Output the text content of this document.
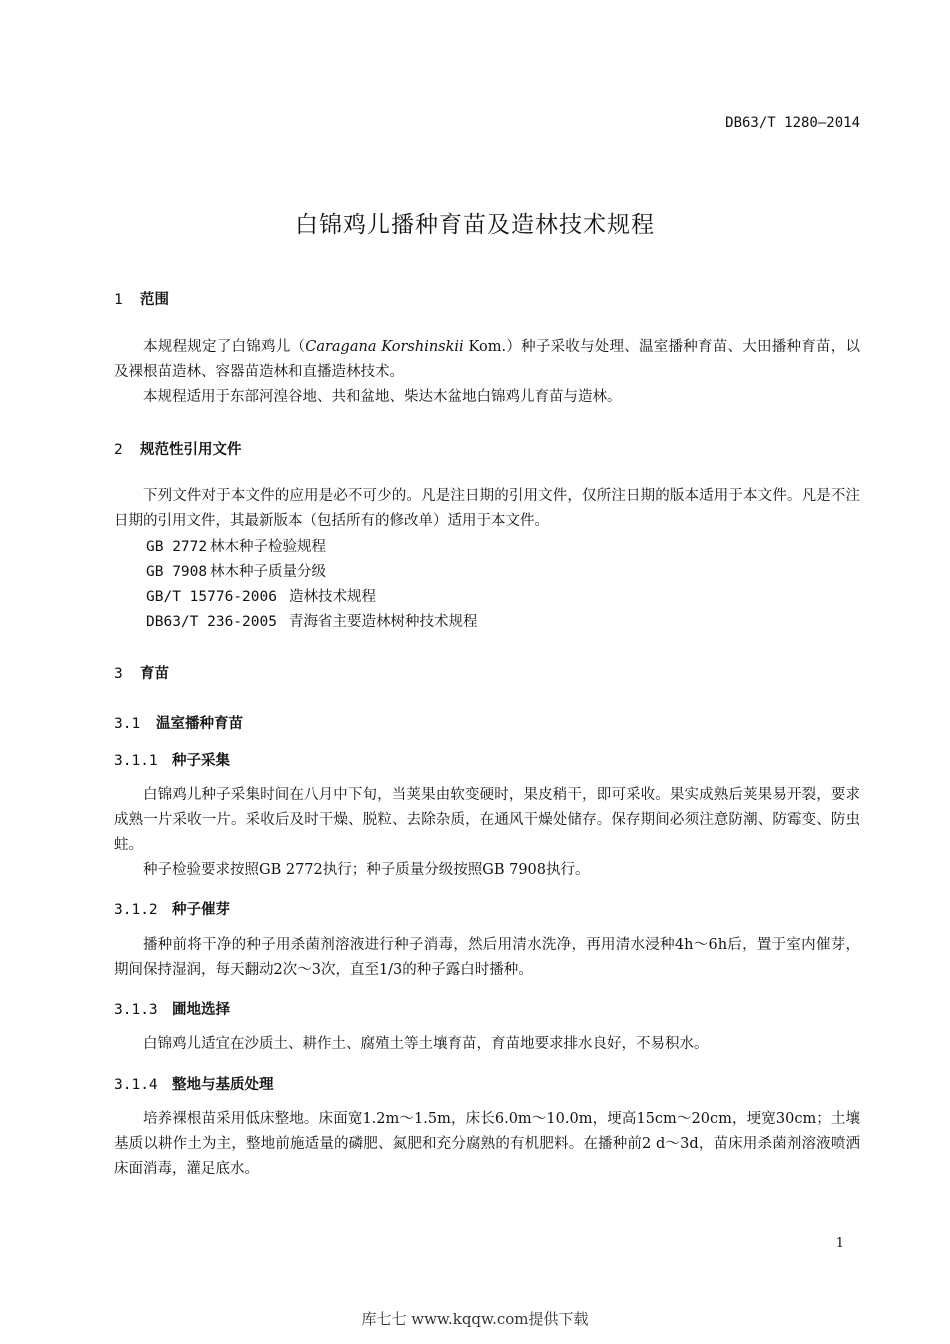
DB63/T 1280—2014
白锦鸡儿播种育苗及造林技术规程
1 范围
本规程规定了白锦鸡儿（Caragana Korshinskii Kom.）种子采收与处理、温室播种育苗、大田播种育苗，以及裸根苗造林、容器苗造林和直播造林技术。
本规程适用于东部河湟谷地、共和盆地、柴达木盆地白锦鸡儿育苗与造林。
2 规范性引用文件
下列文件对于本文件的应用是必不可少的。凡是注日期的引用文件，仅所注日期的版本适用于本文件。凡是不注日期的引用文件，其最新版本（包括所有的修改单）适用于本文件。
GB 2772 林木种子检验规程
GB 7908 林木种子质量分级
GB/T 15776-2006 造林技术规程
DB63/T 236-2005 青海省主要造林树种技术规程
3 育苗
3.1 温室播种育苗
3.1.1 种子采集
白锦鸡儿种子采集时间在八月中下旬，当荚果由软变硬时，果皮稍干，即可采收。果实成熟后荚果易开裂，要求成熟一片采收一片。采收后及时干燥、脱粒、去除杂质，在通风干燥处储存。保存期间必须注意防潮、防霉变、防虫蛀。
种子检验要求按照GB 2772执行；种子质量分级按照GB 7908执行。
3.1.2 种子催芽
播种前将干净的种子用杀菌剂溶液进行种子消毒，然后用清水洗净，再用清水浸种4h～6h后，置于室内催芽，期间保持湿润，每天翻动2次～3次，直至1/3的种子露白时播种。
3.1.3 圃地选择
白锦鸡儿适宜在沙质土、耕作土、腐殖土等土壤育苗，育苗地要求排水良好，不易积水。
3.1.4 整地与基质处理
培养裸根苗采用低床整地。床面宽1.2m～1.5m，床长6.0m～10.0m，埂高15cm～20cm，埂宽30cm；土壤基质以耕作土为主，整地前施适量的磷肥、氮肥和充分腐熟的有机肥料。在播种前2 d～3d，苗床用杀菌剂溶液喷洒床面消毒，灌足底水。
1
库七七 www.kqqw.com提供下载
